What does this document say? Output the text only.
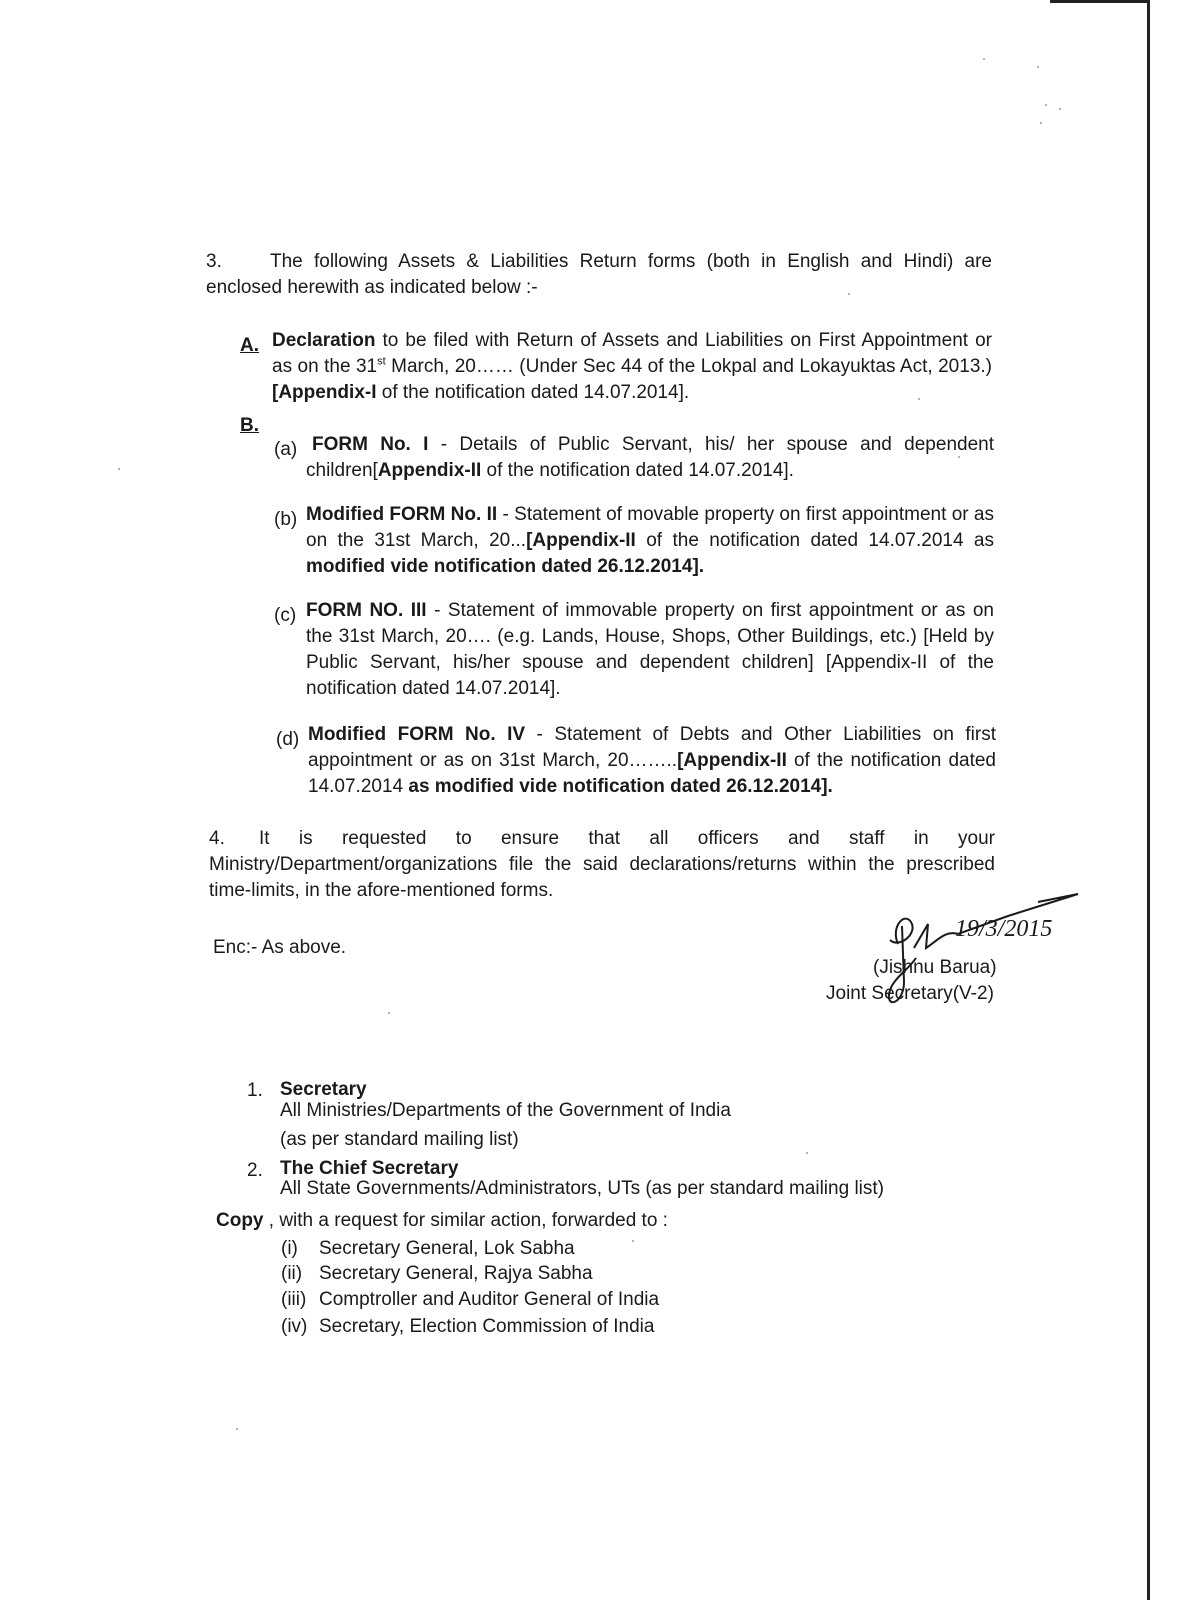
3.	The following Assets & Liabilities Return forms (both in English and Hindi) are enclosed herewith as indicated below :-
A. Declaration to be filed with Return of Assets and Liabilities on First Appointment or as on the 31st March, 20…… (Under Sec 44 of the Lokpal and Lokayuktas Act, 2013.) [Appendix-I of the notification dated 14.07.2014].
B.
(a) FORM No. I - Details of Public Servant, his/ her spouse and dependent children[Appendix-II of the notification dated 14.07.2014].
(b) Modified FORM No. II - Statement of movable property on first appointment or as on the 31st March, 20...[Appendix-II of the notification dated 14.07.2014 as modified vide notification dated 26.12.2014].
(c) FORM NO. III - Statement of immovable property on first appointment or as on the 31st March, 20…. (e.g. Lands, House, Shops, Other Buildings, etc.) [Held by Public Servant, his/her spouse and dependent children] [Appendix-II of the notification dated 14.07.2014].
(d) Modified FORM No. IV - Statement of Debts and Other Liabilities on first appointment or as on 31st March, 20……..[Appendix-II of the notification dated 14.07.2014 as modified vide notification dated 26.12.2014].
4. It is requested to ensure that all officers and staff in your Ministry/Department/organizations file the said declarations/returns within the prescribed time-limits, in the afore-mentioned forms.
Enc:- As above.
19/3/2015
(Jishnu Barua)
Joint Secretary(V-2)
1. Secretary
All Ministries/Departments of the Government of India
(as per standard mailing list)
2. The Chief Secretary
All State Governments/Administrators, UTs (as per standard mailing list)
Copy , with a request for similar action, forwarded to :
(i) Secretary General, Lok Sabha
(ii) Secretary General, Rajya Sabha
(iii) Comptroller and Auditor General of India
(iv) Secretary, Election Commission of India
